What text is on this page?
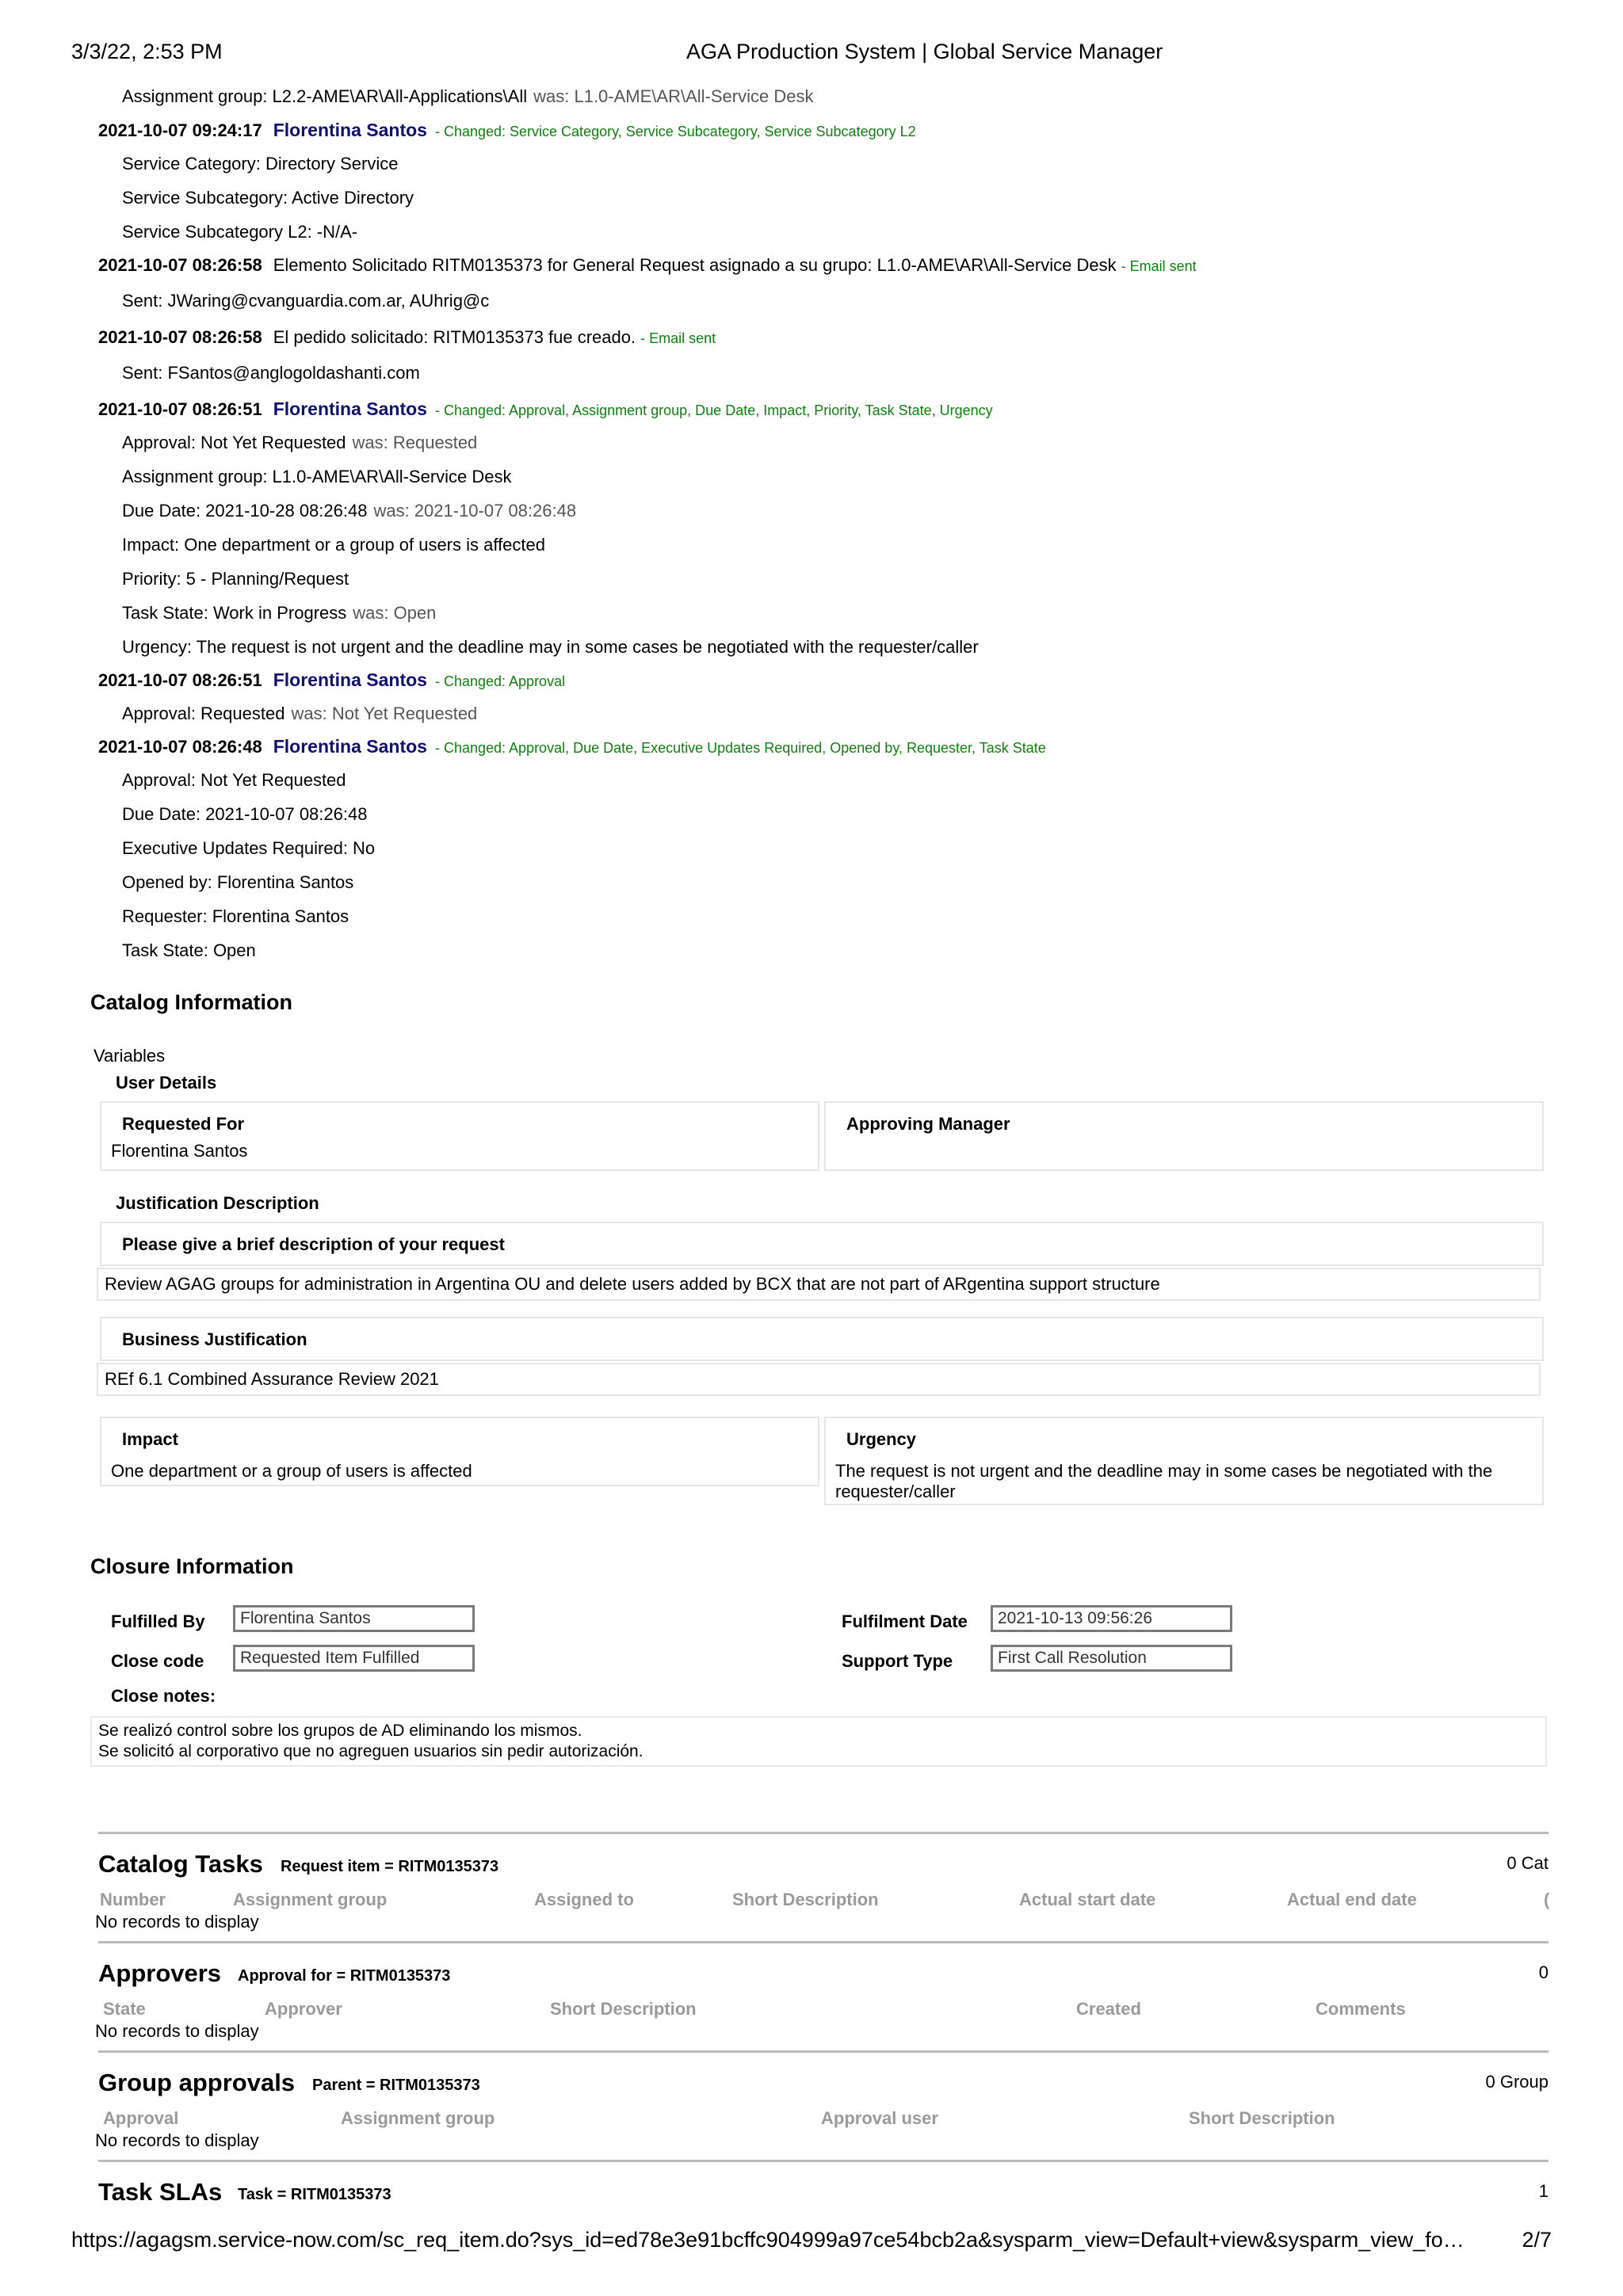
3/3/22, 2:53 PM	AGA Production System | Global Service Manager
Assignment group: L2.2-AME\AR\All-Applications\All was: L1.0-AME\AR\All-Service Desk
2021-10-07 09:24:17 Florentina Santos - Changed: Service Category, Service Subcategory, Service Subcategory L2
Service Category: Directory Service
Service Subcategory: Active Directory
Service Subcategory L2: -N/A-
2021-10-07 08:26:58 Elemento Solicitado RITM0135373 for General Request asignado a su grupo: L1.0-AME\AR\All-Service Desk - Email sent
Sent: JWaring@cvanguardia.com.ar, AUhrig@c
2021-10-07 08:26:58 El pedido solicitado: RITM0135373 fue creado. - Email sent
Sent: FSantos@anglogoldashanti.com
2021-10-07 08:26:51 Florentina Santos - Changed: Approval, Assignment group, Due Date, Impact, Priority, Task State, Urgency
Approval: Not Yet Requested was: Requested
Assignment group: L1.0-AME\AR\All-Service Desk
Due Date: 2021-10-28 08:26:48 was: 2021-10-07 08:26:48
Impact: One department or a group of users is affected
Priority: 5 - Planning/Request
Task State: Work in Progress was: Open
Urgency: The request is not urgent and the deadline may in some cases be negotiated with the requester/caller
2021-10-07 08:26:51 Florentina Santos - Changed: Approval
Approval: Requested was: Not Yet Requested
2021-10-07 08:26:48 Florentina Santos - Changed: Approval, Due Date, Executive Updates Required, Opened by, Requester, Task State
Approval: Not Yet Requested
Due Date: 2021-10-07 08:26:48
Executive Updates Required: No
Opened by: Florentina Santos
Requester: Florentina Santos
Task State: Open
Catalog Information
Variables
User Details
Requested For
Florentina Santos
Approving Manager
Justification Description
Please give a brief description of your request
Review AGAG groups for administration in Argentina OU and delete users added by BCX that are not part of ARgentina support structure
Business Justification
REf 6.1 Combined Assurance Review 2021
Impact
One department or a group of users is affected
Urgency
The request is not urgent and the deadline may in some cases be negotiated with the requester/caller
Closure Information
Fulfilled By	Florentina Santos	Fulfilment Date	2021-10-13 09:56:26
Close code	Requested Item Fulfilled	Support Type	First Call Resolution
Close notes:
Se realizó control sobre los grupos de AD eliminando los mismos.
Se solicitó al corporativo que no agreguen usuarios sin pedir autorización.
Catalog Tasks Request item = RITM0135373	0 Cat
Number	Assignment group	Assigned to	Short Description	Actual start date	Actual end date	(
No records to display
Approvers Approval for = RITM0135373	0
State	Approver	Short Description	Created	Comments
No records to display
Group approvals Parent = RITM0135373	0 Group
Approval	Assignment group	Approval user	Short Description
No records to display
Task SLAs Task = RITM0135373	1
https://agagsm.service-now.com/sc_req_item.do?sys_id=ed78e3e91bcffc904999a97ce54bcb2a&sysparm_view=Default+view&sysparm_view_fo…	2/7
